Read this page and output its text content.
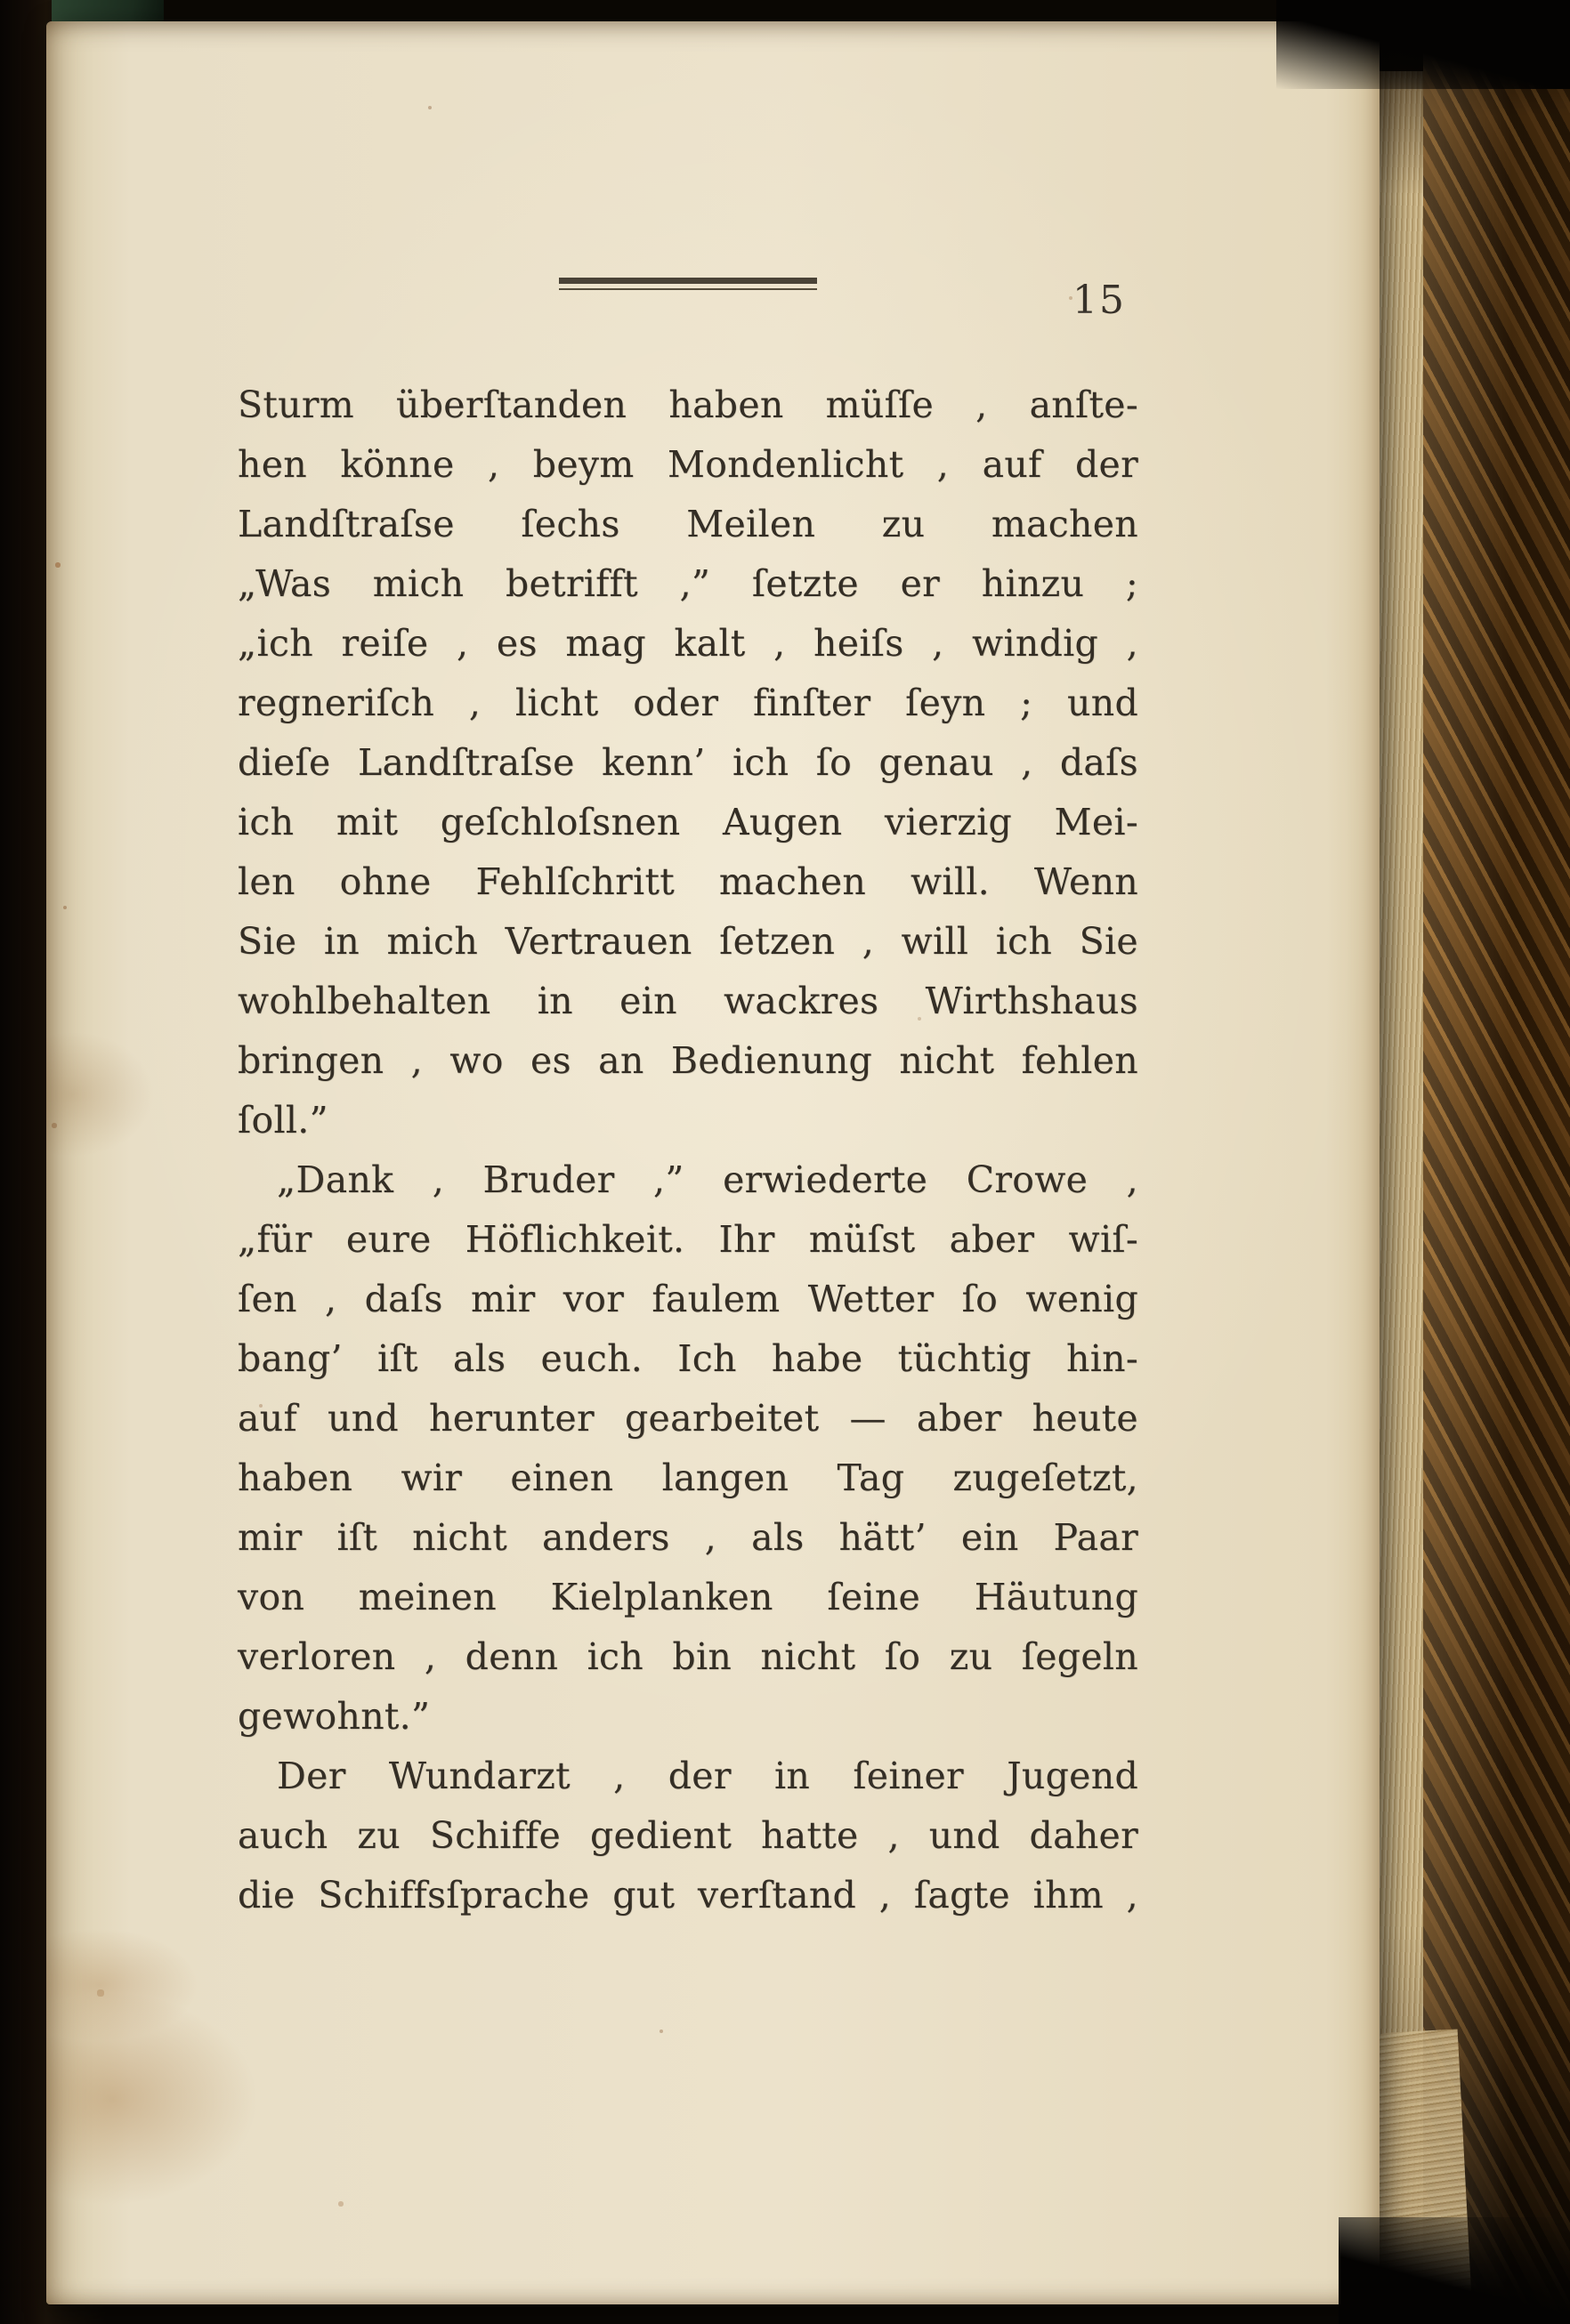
15
Sturm überſtanden haben müſſe , anſte-
hen könne , beym Mondenlicht , auf der
Landſtraſse ſechs Meilen zu machen
„Was mich betrifft ,” ſetzte er hinzu ;
„ich reiſe , es mag kalt , heiſs , windig ,
regneriſch , licht oder finſter ſeyn ; und
dieſe Landſtraſse kenn’ ich ſo genau , daſs
ich mit geſchloſsnen Augen vierzig Mei-
len ohne Fehlſchritt machen will. Wenn
Sie in mich Vertrauen ſetzen , will ich Sie
wohlbehalten in ein wackres Wirthshaus
bringen , wo es an Bedienung nicht fehlen
ſoll.”
„Dank , Bruder ,” erwiederte Crowe ,
„für eure Höflichkeit. Ihr müſst aber wiſ-
ſen , daſs mir vor faulem Wetter ſo wenig
bang’ iſt als euch. Ich habe tüchtig hin-
auf und herunter gearbeitet — aber heute
haben wir einen langen Tag zugeſetzt,
mir iſt nicht anders , als hätt’ ein Paar
von meinen Kielplanken ſeine Häutung
verloren , denn ich bin nicht ſo zu ſegeln
gewohnt.”
Der Wundarzt , der in ſeiner Jugend
auch zu Schiffe gedient hatte , und daher
die Schiffsſprache gut verſtand , ſagte ihm ,
